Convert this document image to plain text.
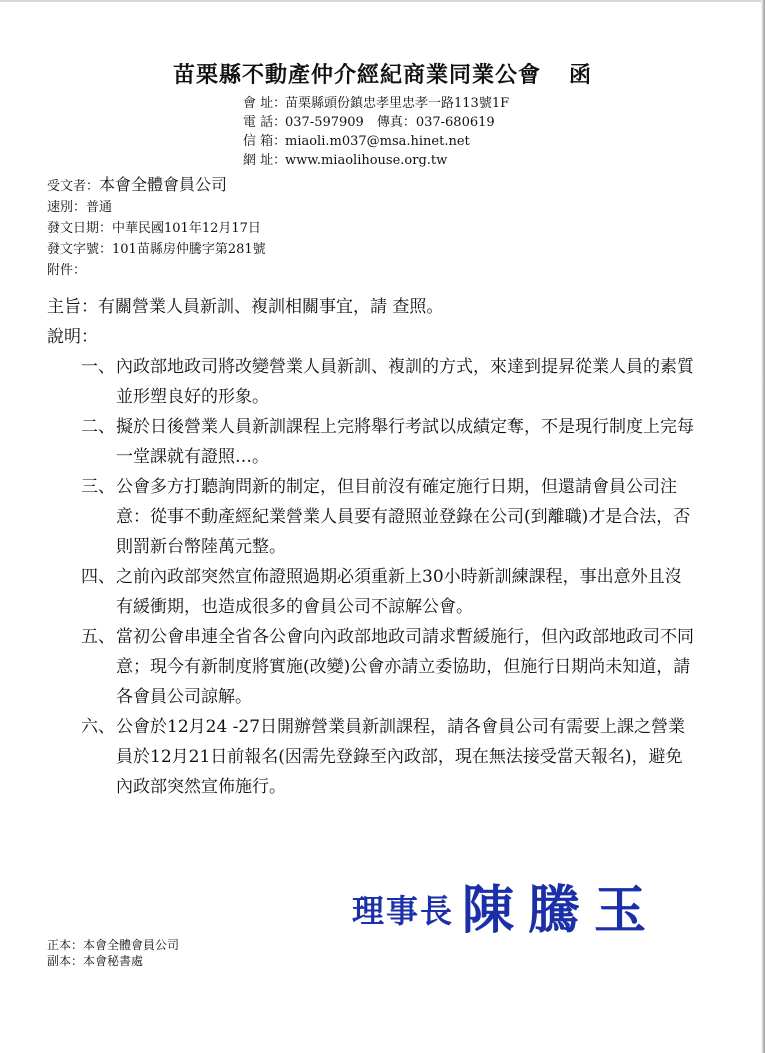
苗栗縣不動產仲介經紀商業同業公會 函
會 址：苗栗縣頭份鎮忠孝里忠孝一路113號1F
電 話：037-597909　傳真：037-680619
信 箱：miaoli.m037@msa.hinet.net
網 址：www.miaolihouse.org.tw
受文者：本會全體會員公司
速別：普通
發文日期：中華民國101年12月17日
發文字號：101苗縣房仲騰字第281號
附件：
主旨：有關營業人員新訓、複訓相關事宜，請 查照。
說明：
一、 內政部地政司將改變營業人員新訓、複訓的方式，來達到提昇從業人員的素質並形塑良好的形象。
二、 擬於日後營業人員新訓課程上完將舉行考試以成績定奪，不是現行制度上完每一堂課就有證照…。
三、 公會多方打聽詢問新的制定，但目前沒有確定施行日期，但還請會員公司注意：從事不動產經紀業營業人員要有證照並登錄在公司(到離職)才是合法，否則罰新台幣陸萬元整。
四、 之前內政部突然宣佈證照過期必須重新上30小時新訓練課程，事出意外且沒有緩衝期，也造成很多的會員公司不諒解公會。
五、 當初公會串連全省各公會向內政部地政司請求暫緩施行，但內政部地政司不同意；現今有新制度將實施(改變)公會亦請立委協助，但施行日期尚未知道，請各會員公司諒解。
六、 公會於12月24 -27日開辦營業員新訓課程，請各會員公司有需要上課之營業員於12月21日前報名(因需先登錄至內政部，現在無法接受當天報名)，避免內政部突然宣佈施行。
理事長 陳騰玉
正本：本會全體會員公司
副本：本會秘書處
